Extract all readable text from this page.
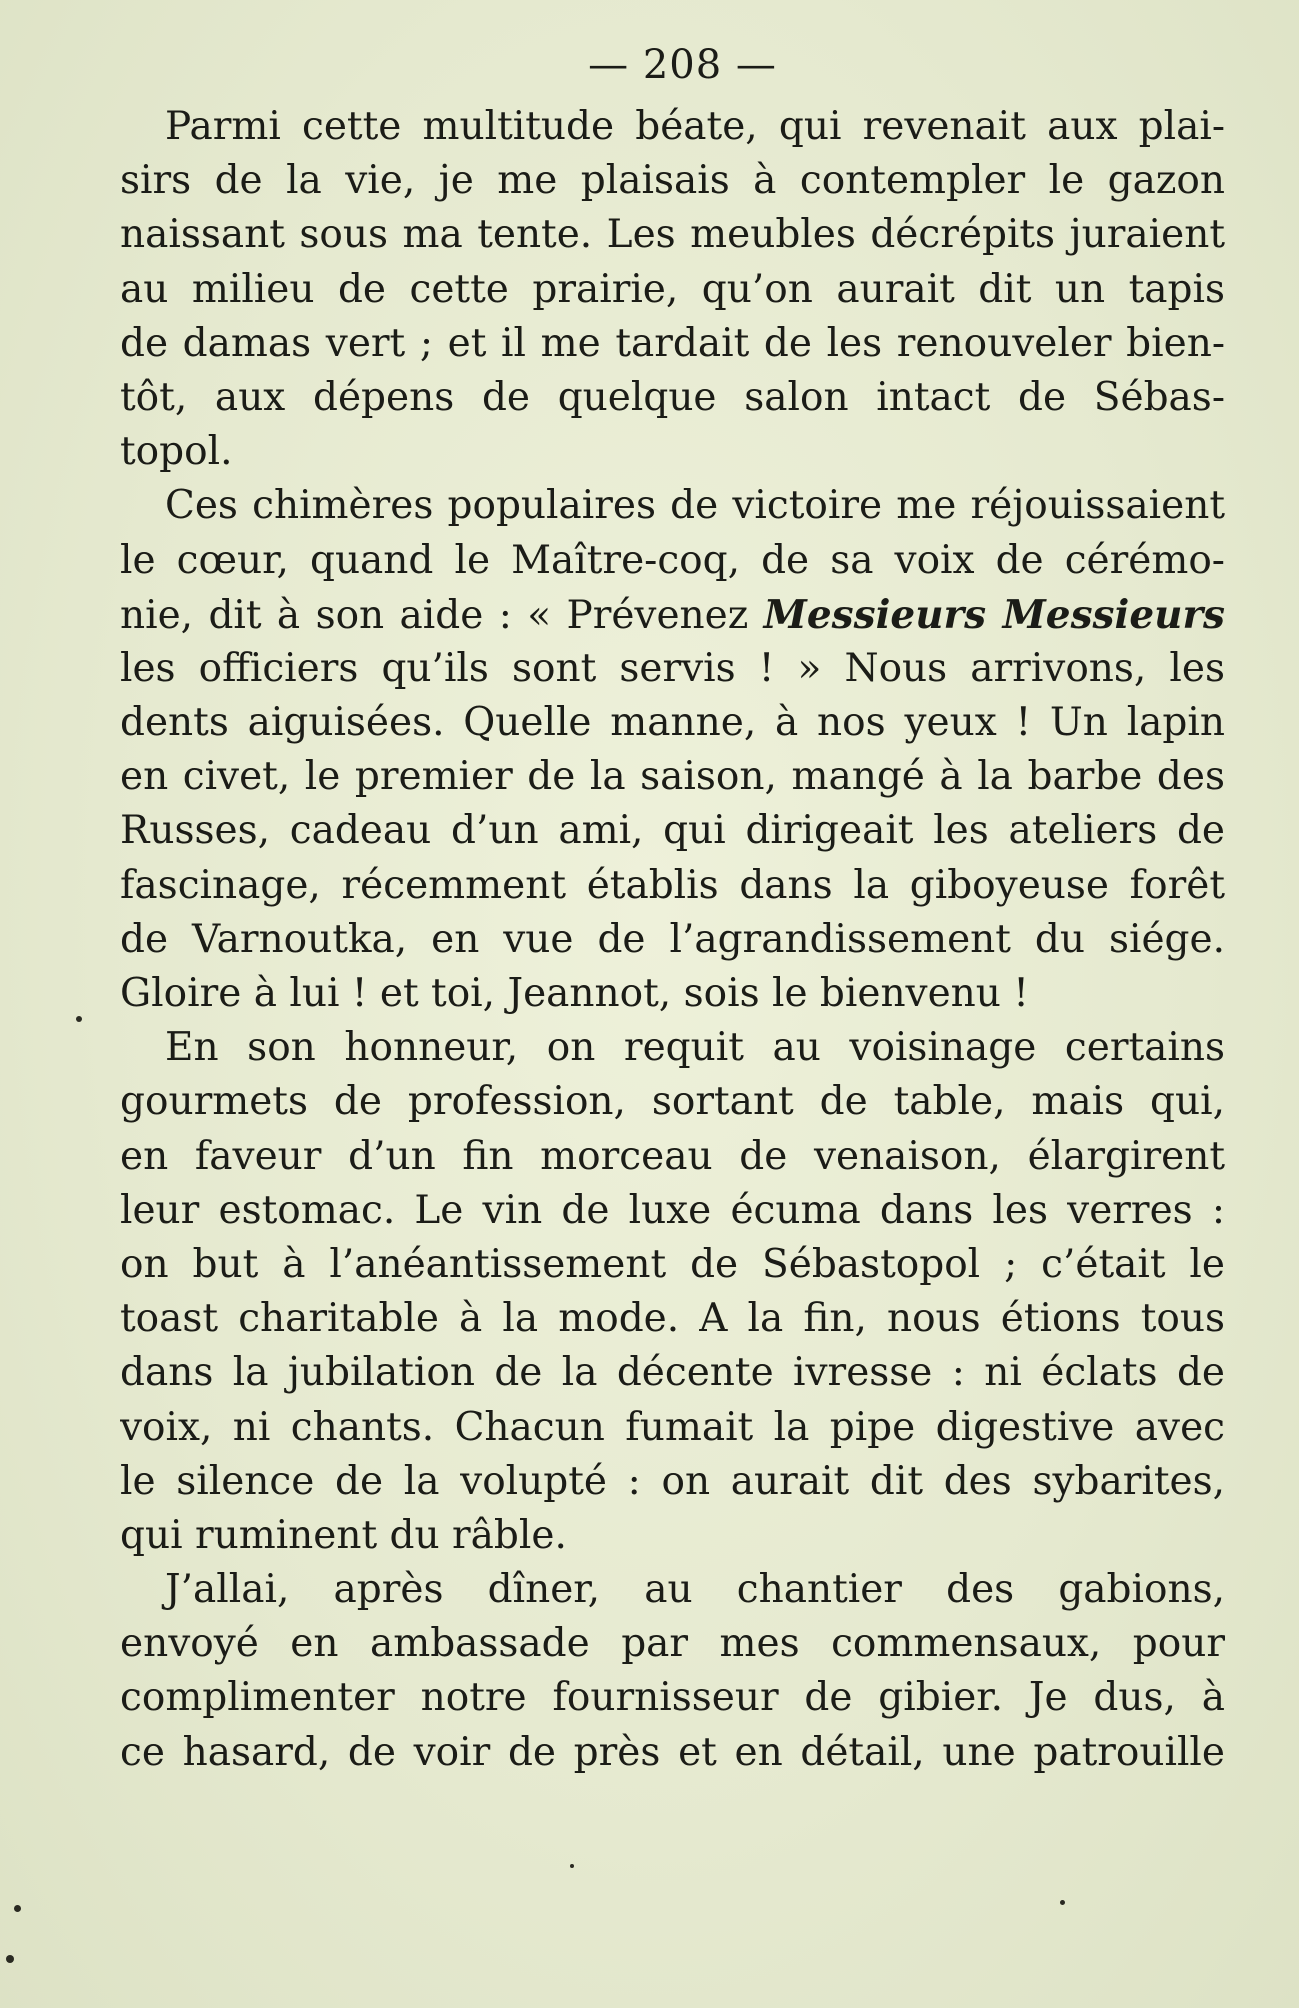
— 208 —
Parmi cette multitude béate, qui revenait aux plai-
sirs de la vie, je me plaisais à contempler le gazon
naissant sous ma tente. Les meubles décrépits juraient
au milieu de cette prairie, qu’on aurait dit un tapis
de damas vert ; et il me tardait de les renouveler bien-
tôt, aux dépens de quelque salon intact de Sébas-
topol.
Ces chimères populaires de victoire me réjouissaient
le cœur, quand le Maître-coq, de sa voix de cérémo-
nie, dit à son aide : « Prévenez Messieurs Messieurs
les officiers qu’ils sont servis ! » Nous arrivons, les
dents aiguisées. Quelle manne, à nos yeux ! Un lapin
en civet, le premier de la saison, mangé à la barbe des
Russes, cadeau d’un ami, qui dirigeait les ateliers de
fascinage, récemment établis dans la giboyeuse forêt
de Varnoutka, en vue de l’agrandissement du siége.
Gloire à lui ! et toi, Jeannot, sois le bienvenu !
En son honneur, on requit au voisinage certains
gourmets de profession, sortant de table, mais qui,
en faveur d’un fin morceau de venaison, élargirent
leur estomac. Le vin de luxe écuma dans les verres :
on but à l’anéantissement de Sébastopol ; c’était le
toast charitable à la mode. A la fin, nous étions tous
dans la jubilation de la décente ivresse : ni éclats de
voix, ni chants. Chacun fumait la pipe digestive avec
le silence de la volupté : on aurait dit des sybarites,
qui ruminent du râble.
J’allai, après dîner, au chantier des gabions,
envoyé en ambassade par mes commensaux, pour
complimenter notre fournisseur de gibier. Je dus, à
ce hasard, de voir de près et en détail, une patrouille
